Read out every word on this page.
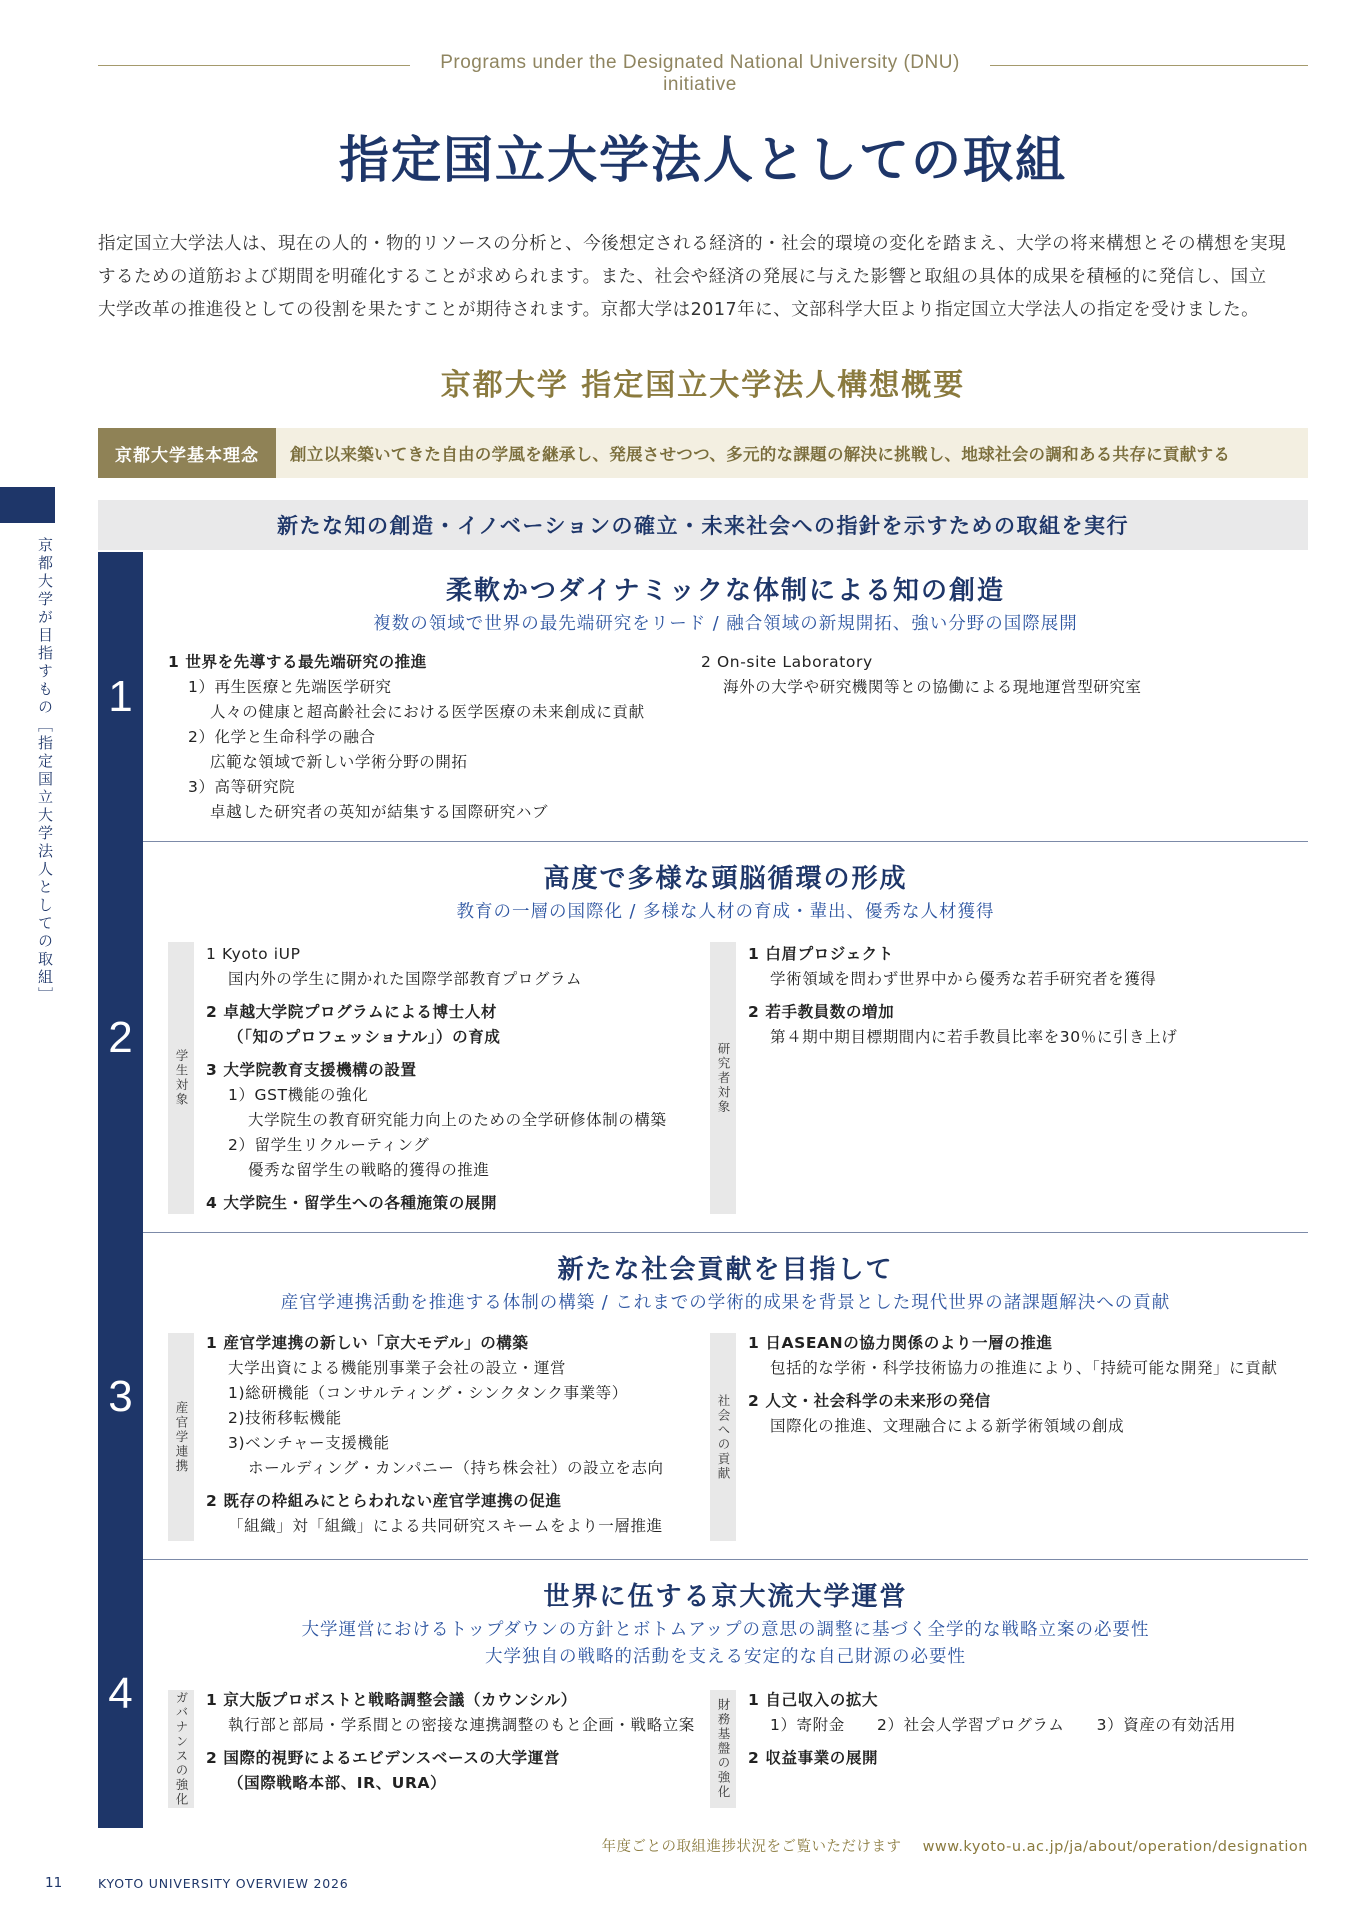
Programs under the Designated National University (DNU) initiative
指定国立大学法人としての取組

指定国立大学法人は、現在の人的・物的リソースの分析と、今後想定される経済的・社会的環境の変化を踏まえ、大学の将来構想とその構想を実現

するための道筋および期間を明確化することが求められます。また、社会や経済の発展に与えた影響と取組の具体的成果を積極的に発信し、国立

大学改革の推進役としての役割を果たすことが期待されます。京都大学は2017年に、文部科学大臣より指定国立大学法人の指定を受けました。

京都大学 指定国立大学法人構想概要
京都大学基本理念	創立以来築いてきた自由の学風を継承し、発展させつつ、多元的な課題の解決に挑戦し、地球社会の調和ある共存に貢献する
新たな知の創造・イノベーションの確立・未来社会への指針を示すための取組を実行
京都大学が目指すもの［指定国立大学法人としての取組］ 1
柔軟かつダイナミックな体制による知の創造
複数の領域で世界の最先端研究をリード / 融合領域の新規開拓、強い分野の国際展開
1 世界を先導する最先端研究の推進
1）再生医療と先端医学研究
人々の健康と超高齢社会における医学医療の未来創成に貢献
2）化学と生命科学の融合
広範な領域で新しい学術分野の開拓
3）高等研究院
卓越した研究者の英知が結集する国際研究ハブ
2 On-site Laboratory
海外の大学や研究機関等との協働による現地運営型研究室
2
高度で多様な頭脳循環の形成
教育の一層の国際化 / 多様な人材の育成・輩出、優秀な人材獲得
学生対象
1 Kyoto iUP
国内外の学生に開かれた国際学部教育プログラム
2 卓越大学院プログラムによる博士人材
（「知のプロフェッショナル」）の育成
3 大学院教育支援機構の設置
1）GST機能の強化
大学院生の教育研究能力向上のための全学研修体制の構築
2）留学生リクルーティング
優秀な留学生の戦略的獲得の推進
4 大学院生・留学生への各種施策の展開
研究者対象
1 白眉プロジェクト
学術領域を問わず世界中から優秀な若手研究者を獲得
2 若手教員数の増加
第４期中期目標期間内に若手教員比率を30％に引き上げ
3
新たな社会貢献を目指して
産官学連携活動を推進する体制の構築 / これまでの学術的成果を背景とした現代世界の諸課題解決への貢献
産官学連携
1 産官学連携の新しい「京大モデル」の構築
大学出資による機能別事業子会社の設立・運営
1)総研機能（コンサルティング・シンクタンク事業等）
2)技術移転機能
3)ベンチャー支援機能
ホールディング・カンパニー（持ち株会社）の設立を志向
2 既存の枠組みにとらわれない産官学連携の促進
「組織」対「組織」による共同研究スキームをより一層推進
社会への貢献
1 日ASEANの協力関係のより一層の推進
包括的な学術・科学技術協力の推進により、「持続可能な開発」に貢献
2 人文・社会科学の未来形の発信
国際化の推進、文理融合による新学術領域の創成
4
世界に伍する京大流大学運営
大学運営におけるトップダウンの方針とボトムアップの意思の調整に基づく全学的な戦略立案の必要性
大学独自の戦略的活動を支える安定的な自己財源の必要性
ガバナンスの強化 1 京大版プロボストと戦略調整会議（カウンシル）
執行部と部局・学系間との密接な連携調整のもと企画・戦略立案
2 国際的視野によるエビデンスベースの大学運営
（国際戦略本部、IR、URA）	財務基盤の強化 1 自己収入の拡大
1）寄附金　　2）社会人学習プログラム　　3）資産の有効活用
2 収益事業の展開
年度ごとの取組進捗状況をご覧いただけます www.kyoto-u.ac.jp/ja/about/operation/designation
11	KYOTO UNIVERSITY OVERVIEW 2026
